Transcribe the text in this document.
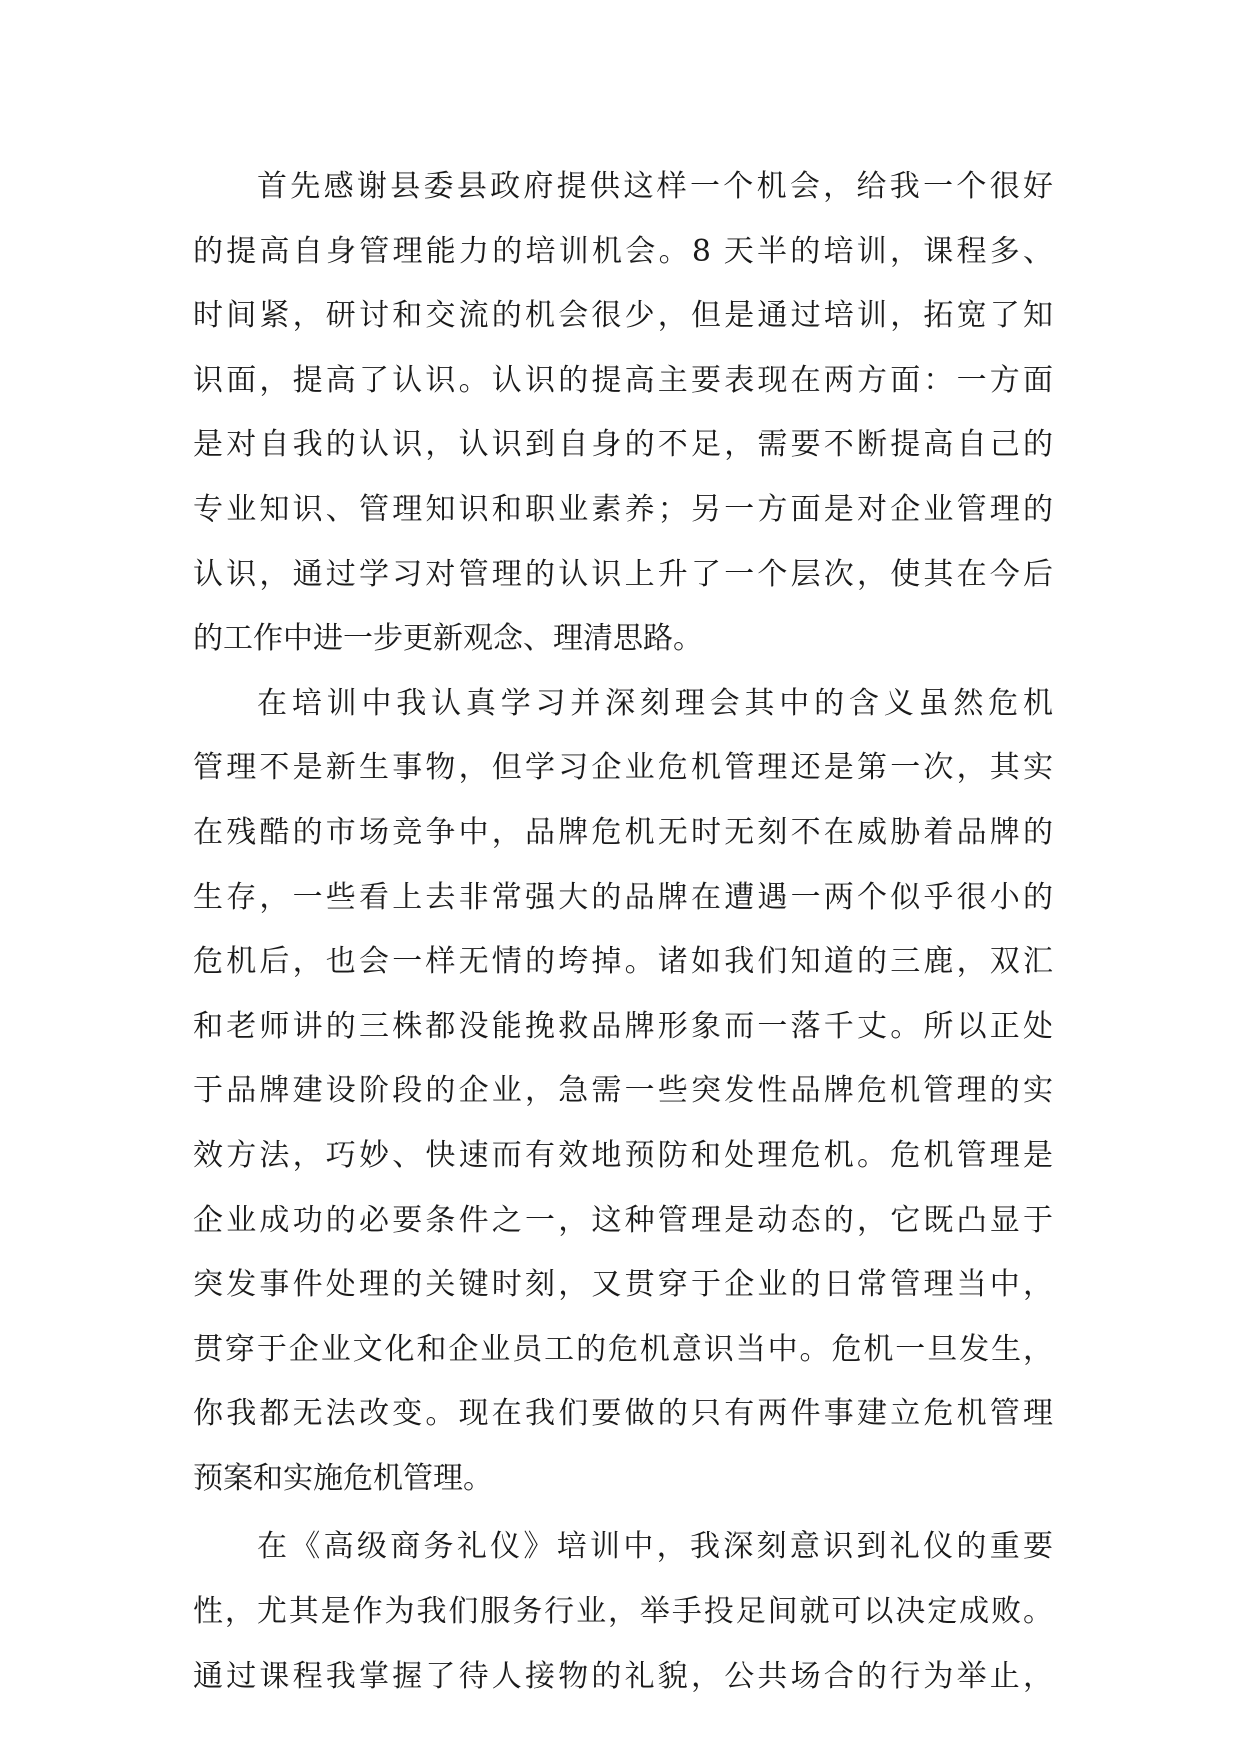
首先感谢县委县政府提供这样一个机会，给我一个很好
的提高自身管理能力的培训机会。8 天半的培训，课程多、
时间紧，研讨和交流的机会很少，但是通过培训，拓宽了知
识面，提高了认识。认识的提高主要表现在两方面：一方面
是对自我的认识，认识到自身的不足，需要不断提高自己的
专业知识、管理知识和职业素养；另一方面是对企业管理的
认识，通过学习对管理的认识上升了一个层次，使其在今后
的工作中进一步更新观念、理清思路。
在培训中我认真学习并深刻理会其中的含义虽然危机
管理不是新生事物，但学习企业危机管理还是第一次，其实
在残酷的市场竞争中，品牌危机无时无刻不在威胁着品牌的
生存，一些看上去非常强大的品牌在遭遇一两个似乎很小的
危机后，也会一样无情的垮掉。诸如我们知道的三鹿，双汇
和老师讲的三株都没能挽救品牌形象而一落千丈。所以正处
于品牌建设阶段的企业，急需一些突发性品牌危机管理的实
效方法，巧妙、快速而有效地预防和处理危机。危机管理是
企业成功的必要条件之一，这种管理是动态的，它既凸显于
突发事件处理的关键时刻，又贯穿于企业的日常管理当中，
贯穿于企业文化和企业员工的危机意识当中。危机一旦发生，
你我都无法改变。现在我们要做的只有两件事建立危机管理
预案和实施危机管理。
在《高级商务礼仪》培训中，我深刻意识到礼仪的重要
性，尤其是作为我们服务行业，举手投足间就可以决定成败。
通过课程我掌握了待人接物的礼貌，公共场合的行为举止，
